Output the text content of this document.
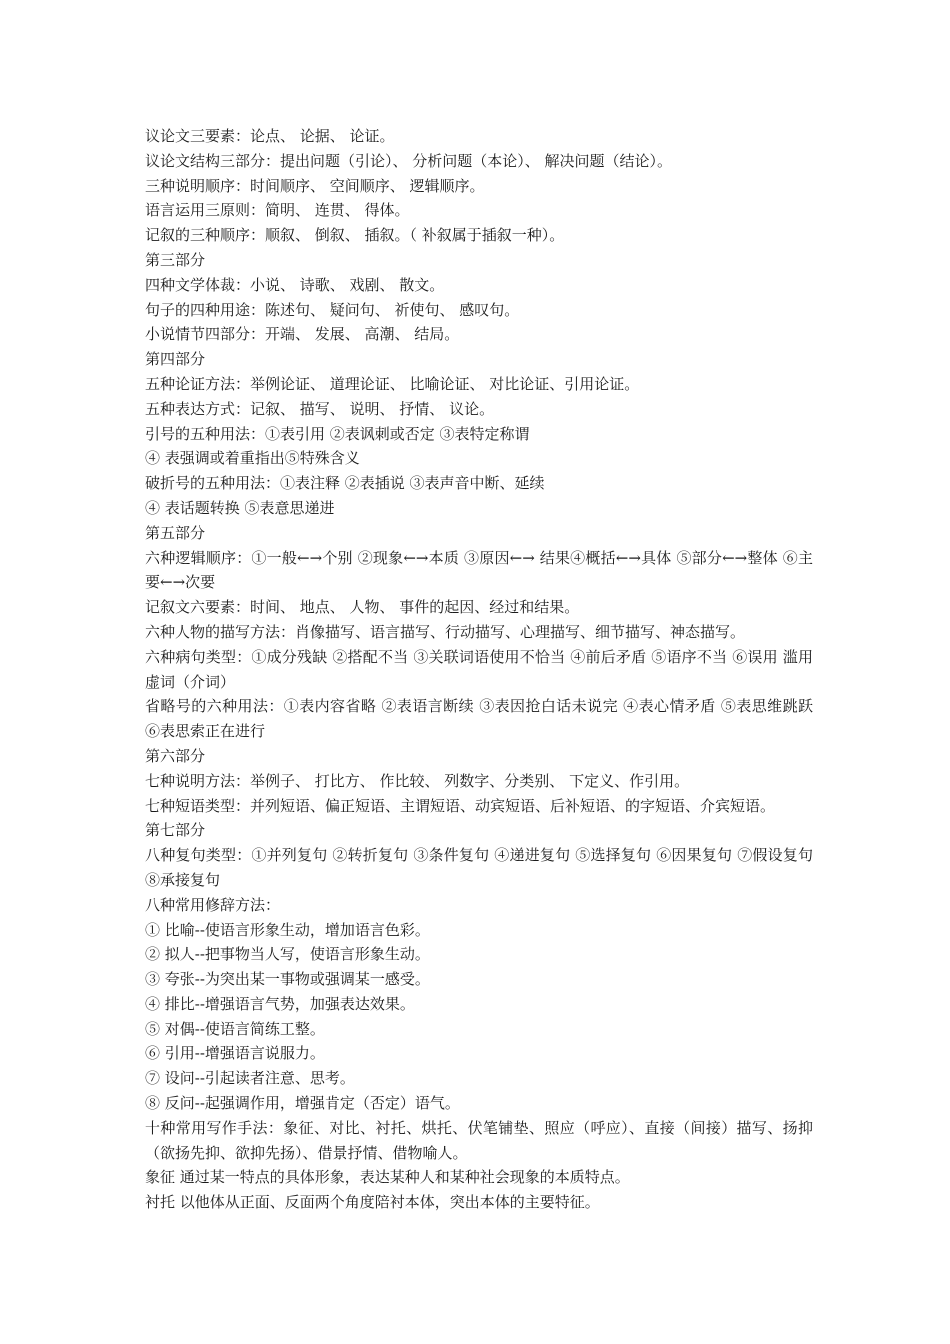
议论文三要素：论点、 论据、 论证。

议论文结构三部分：提出问题（引论）、 分析问题（本论）、 解决问题（结论）。

三种说明顺序：时间顺序、 空间顺序、 逻辑顺序。

语言运用三原则：简明、 连贯、 得体。

记叙的三种顺序：顺叙、 倒叙、 插叙。（ 补叙属于插叙一种）。

第三部分

四种文学体裁：小说、 诗歌、 戏剧、 散文。

句子的四种用途：陈述句、 疑问句、 祈使句、 感叹句。

小说情节四部分：开端、 发展、 高潮、 结局。

第四部分

五种论证方法：举例论证、 道理论证、 比喻论证、 对比论证、引用论证。

五种表达方式：记叙、 描写、 说明、 抒情、 议论。

引号的五种用法：①表引用 ②表讽刺或否定 ③表特定称谓

④ 表强调或着重指出⑤特殊含义

破折号的五种用法：①表注释 ②表插说 ③表声音中断、延续

④ 表话题转换 ⑤表意思递进

第五部分

六种逻辑顺序：①一般←→个别 ②现象←→本质 ③原因←→ 结果④概括←→具体 ⑤部分←→整体 ⑥主要←→次要

记叙文六要素：时间、 地点、 人物、 事件的起因、经过和结果。

六种人物的描写方法：肖像描写、语言描写、行动描写、心理描写、细节描写、神态描写。

六种病句类型：①成分残缺 ②搭配不当 ③关联词语使用不恰当 ④前后矛盾 ⑤语序不当 ⑥误用 滥用虚词（介词）

省略号的六种用法：①表内容省略 ②表语言断续 ③表因抢白话未说完 ④表心情矛盾 ⑤表思维跳跃 ⑥表思索正在进行

第六部分

七种说明方法：举例子、 打比方、 作比较、 列数字、分类别、 下定义、作引用。

七种短语类型：并列短语、偏正短语、主谓短语、动宾短语、后补短语、的字短语、介宾短语。

第七部分

八种复句类型：①并列复句 ②转折复句 ③条件复句 ④递进复句 ⑤选择复句 ⑥因果复句 ⑦假设复句 ⑧承接复句

八种常用修辞方法：

① 比喻--使语言形象生动，增加语言色彩。

② 拟人--把事物当人写，使语言形象生动。

③ 夸张--为突出某一事物或强调某一感受。

④ 排比--增强语言气势，加强表达效果。

⑤ 对偶--使语言简练工整。

⑥ 引用--增强语言说服力。

⑦ 设问--引起读者注意、思考。

⑧ 反问--起强调作用，增强肯定（否定）语气。

十种常用写作手法：象征、对比、衬托、烘托、伏笔铺垫、照应（呼应）、直接（间接）描写、扬抑（欲扬先抑、欲抑先扬）、借景抒情、借物喻人。

象征 通过某一特点的具体形象，表达某种人和某种社会现象的本质特点。

衬托 以他体从正面、反面两个角度陪衬本体，突出本体的主要特征。
